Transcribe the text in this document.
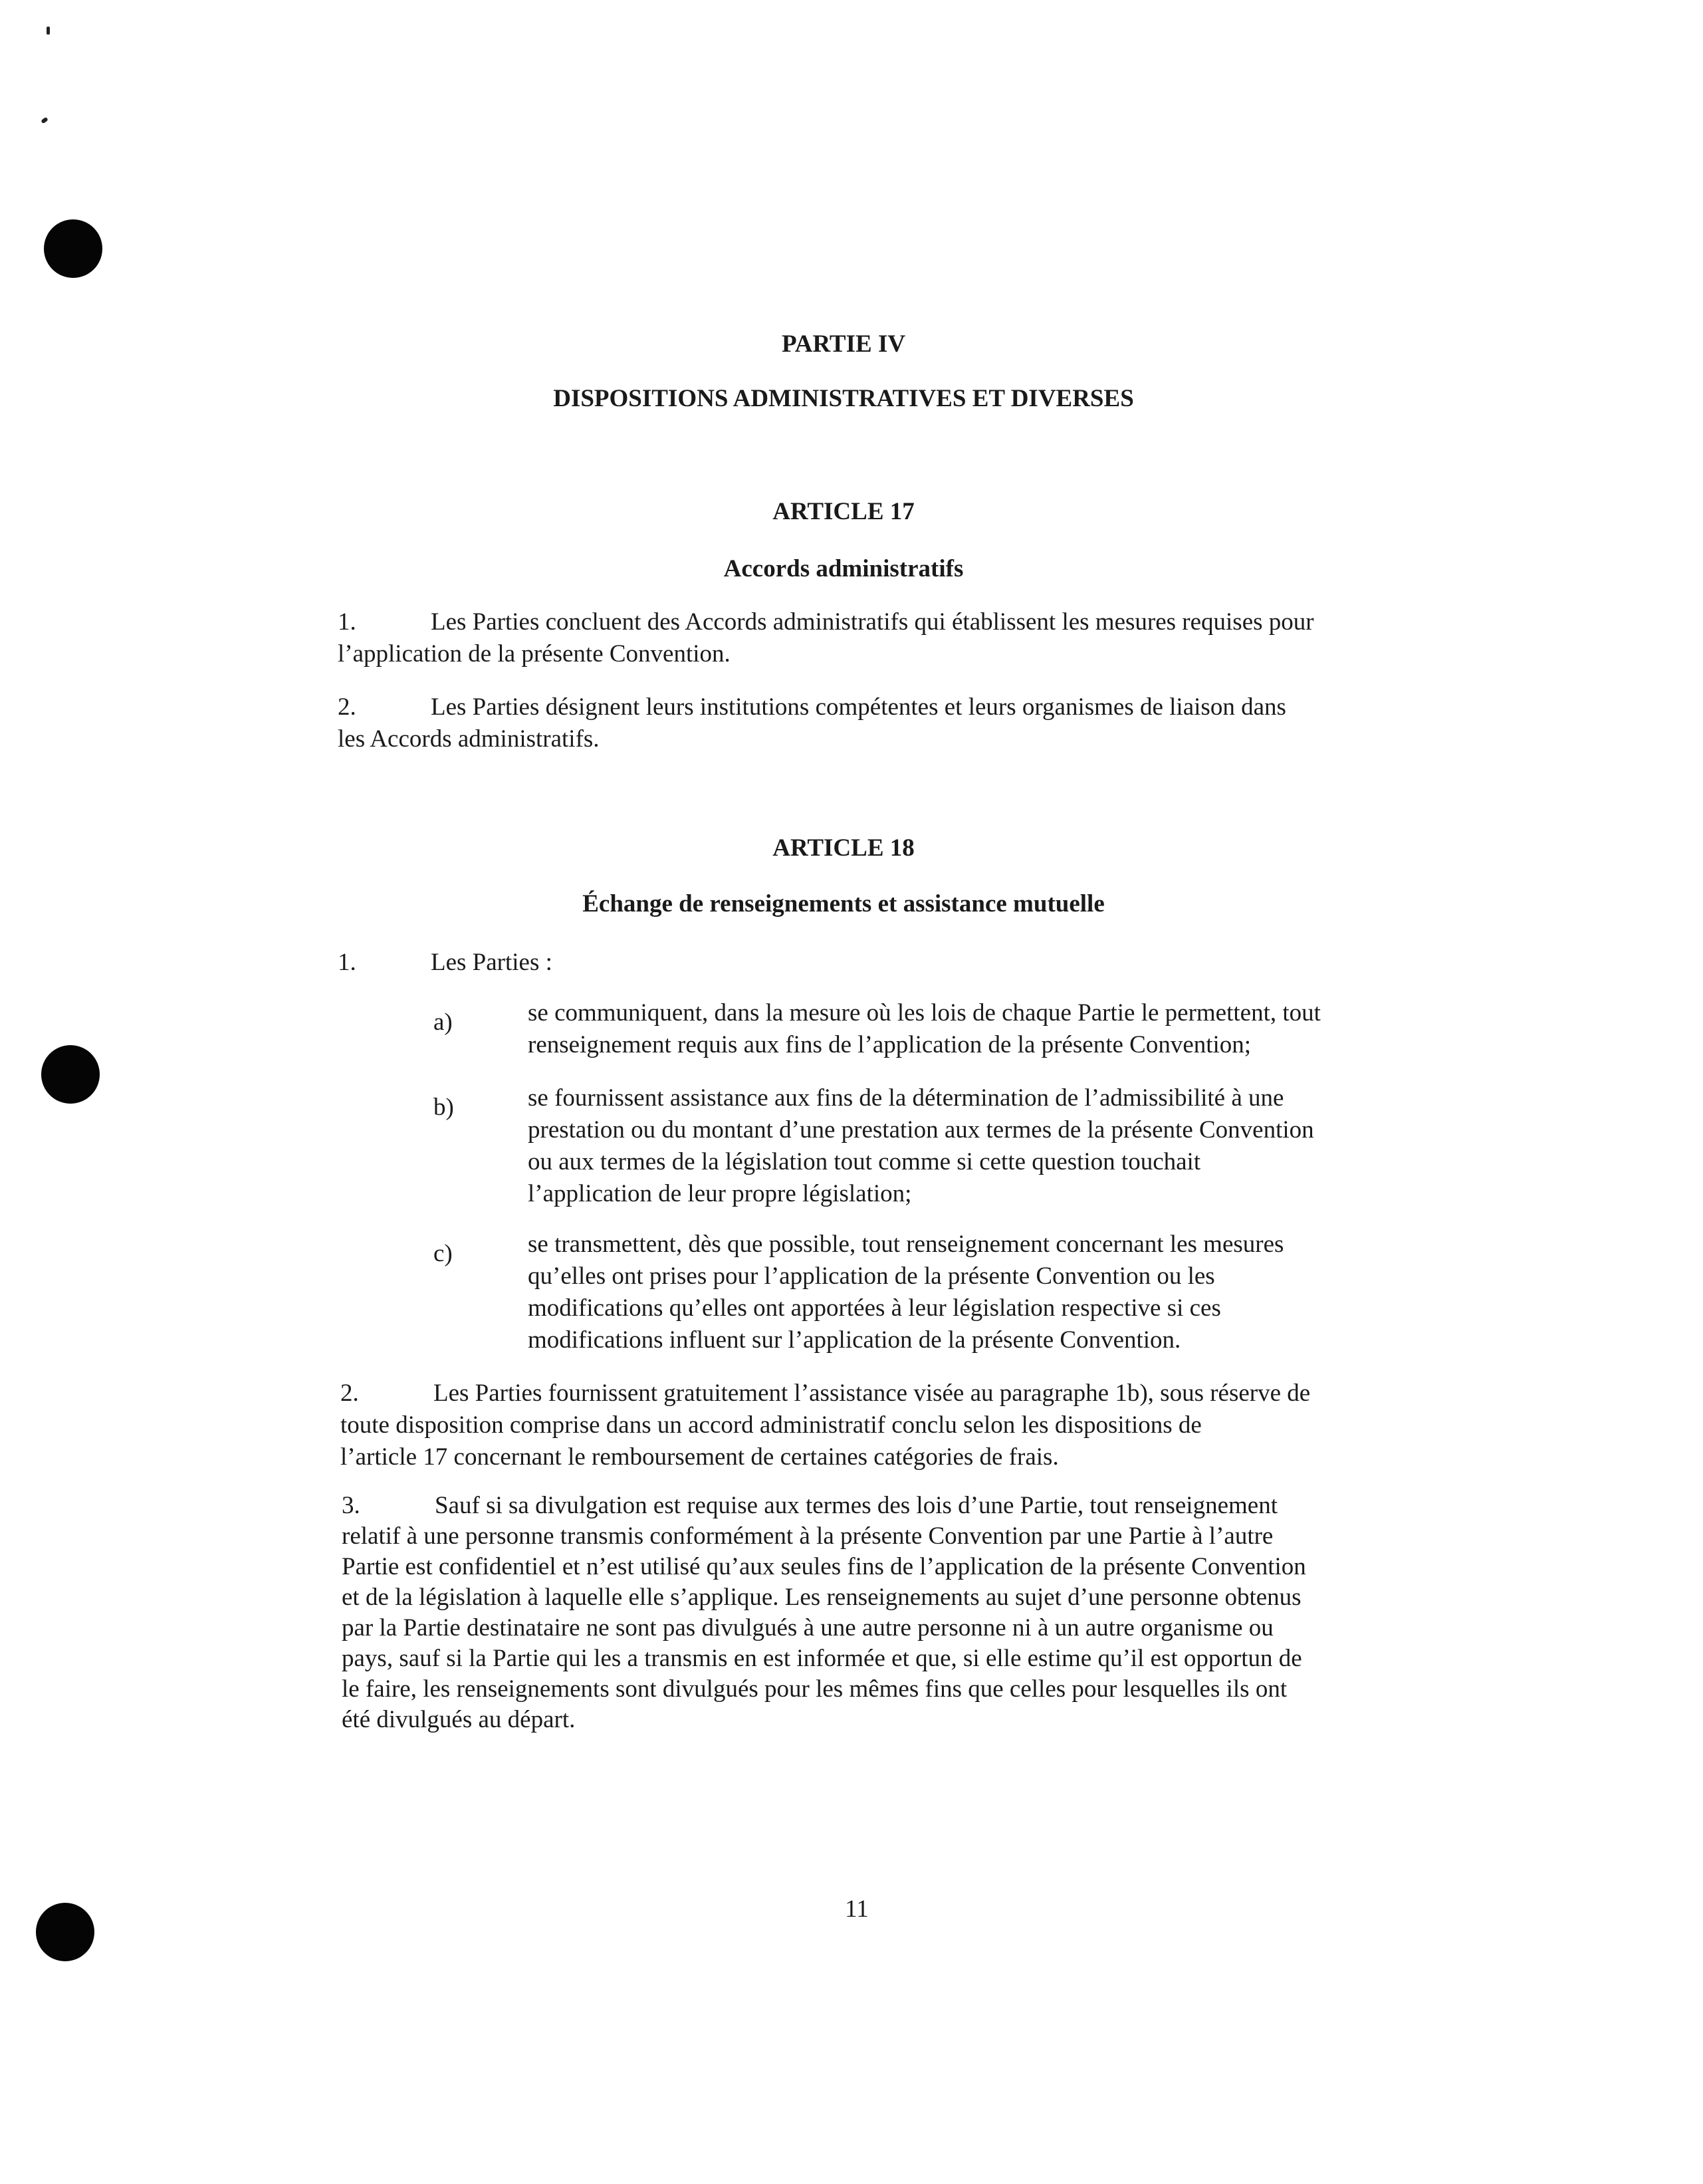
PARTIE IV
DISPOSITIONS ADMINISTRATIVES ET DIVERSES
ARTICLE 17
Accords administratifs
1.	Les Parties concluent des Accords administratifs qui établissent les mesures requises pour
l’application de la présente Convention.
2.	Les Parties désignent leurs institutions compétentes et leurs organismes de liaison dans
les Accords administratifs.
ARTICLE 18
Échange de renseignements et assistance mutuelle
1.	Les Parties :
a)	se communiquent, dans la mesure où les lois de chaque Partie le permettent, tout
renseignement requis aux fins de l’application de la présente Convention;
b)	se fournissent assistance aux fins de la détermination de l’admissibilité à une
prestation ou du montant d’une prestation aux termes de la présente Convention
ou aux termes de la législation tout comme si cette question touchait
l’application de leur propre législation;
c)	se transmettent, dès que possible, tout renseignement concernant les mesures
qu’elles ont prises pour l’application de la présente Convention ou les
modifications qu’elles ont apportées à leur législation respective si ces
modifications influent sur l’application de la présente Convention.
2.	Les Parties fournissent gratuitement l’assistance visée au paragraphe 1b), sous réserve de
toute disposition comprise dans un accord administratif conclu selon les dispositions de
l’article 17 concernant le remboursement de certaines catégories de frais.
3.	Sauf si sa divulgation est requise aux termes des lois d’une Partie, tout renseignement
relatif à une personne transmis conformément à la présente Convention par une Partie à l’autre
Partie est confidentiel et n’est utilisé qu’aux seules fins de l’application de la présente Convention
et de la législation à laquelle elle s’applique. Les renseignements au sujet d’une personne obtenus
par la Partie destinataire ne sont pas divulgués à une autre personne ni à un autre organisme ou
pays, sauf si la Partie qui les a transmis en est informée et que, si elle estime qu’il est opportun de
le faire, les renseignements sont divulgués pour les mêmes fins que celles pour lesquelles ils ont
été divulgués au départ.
11
